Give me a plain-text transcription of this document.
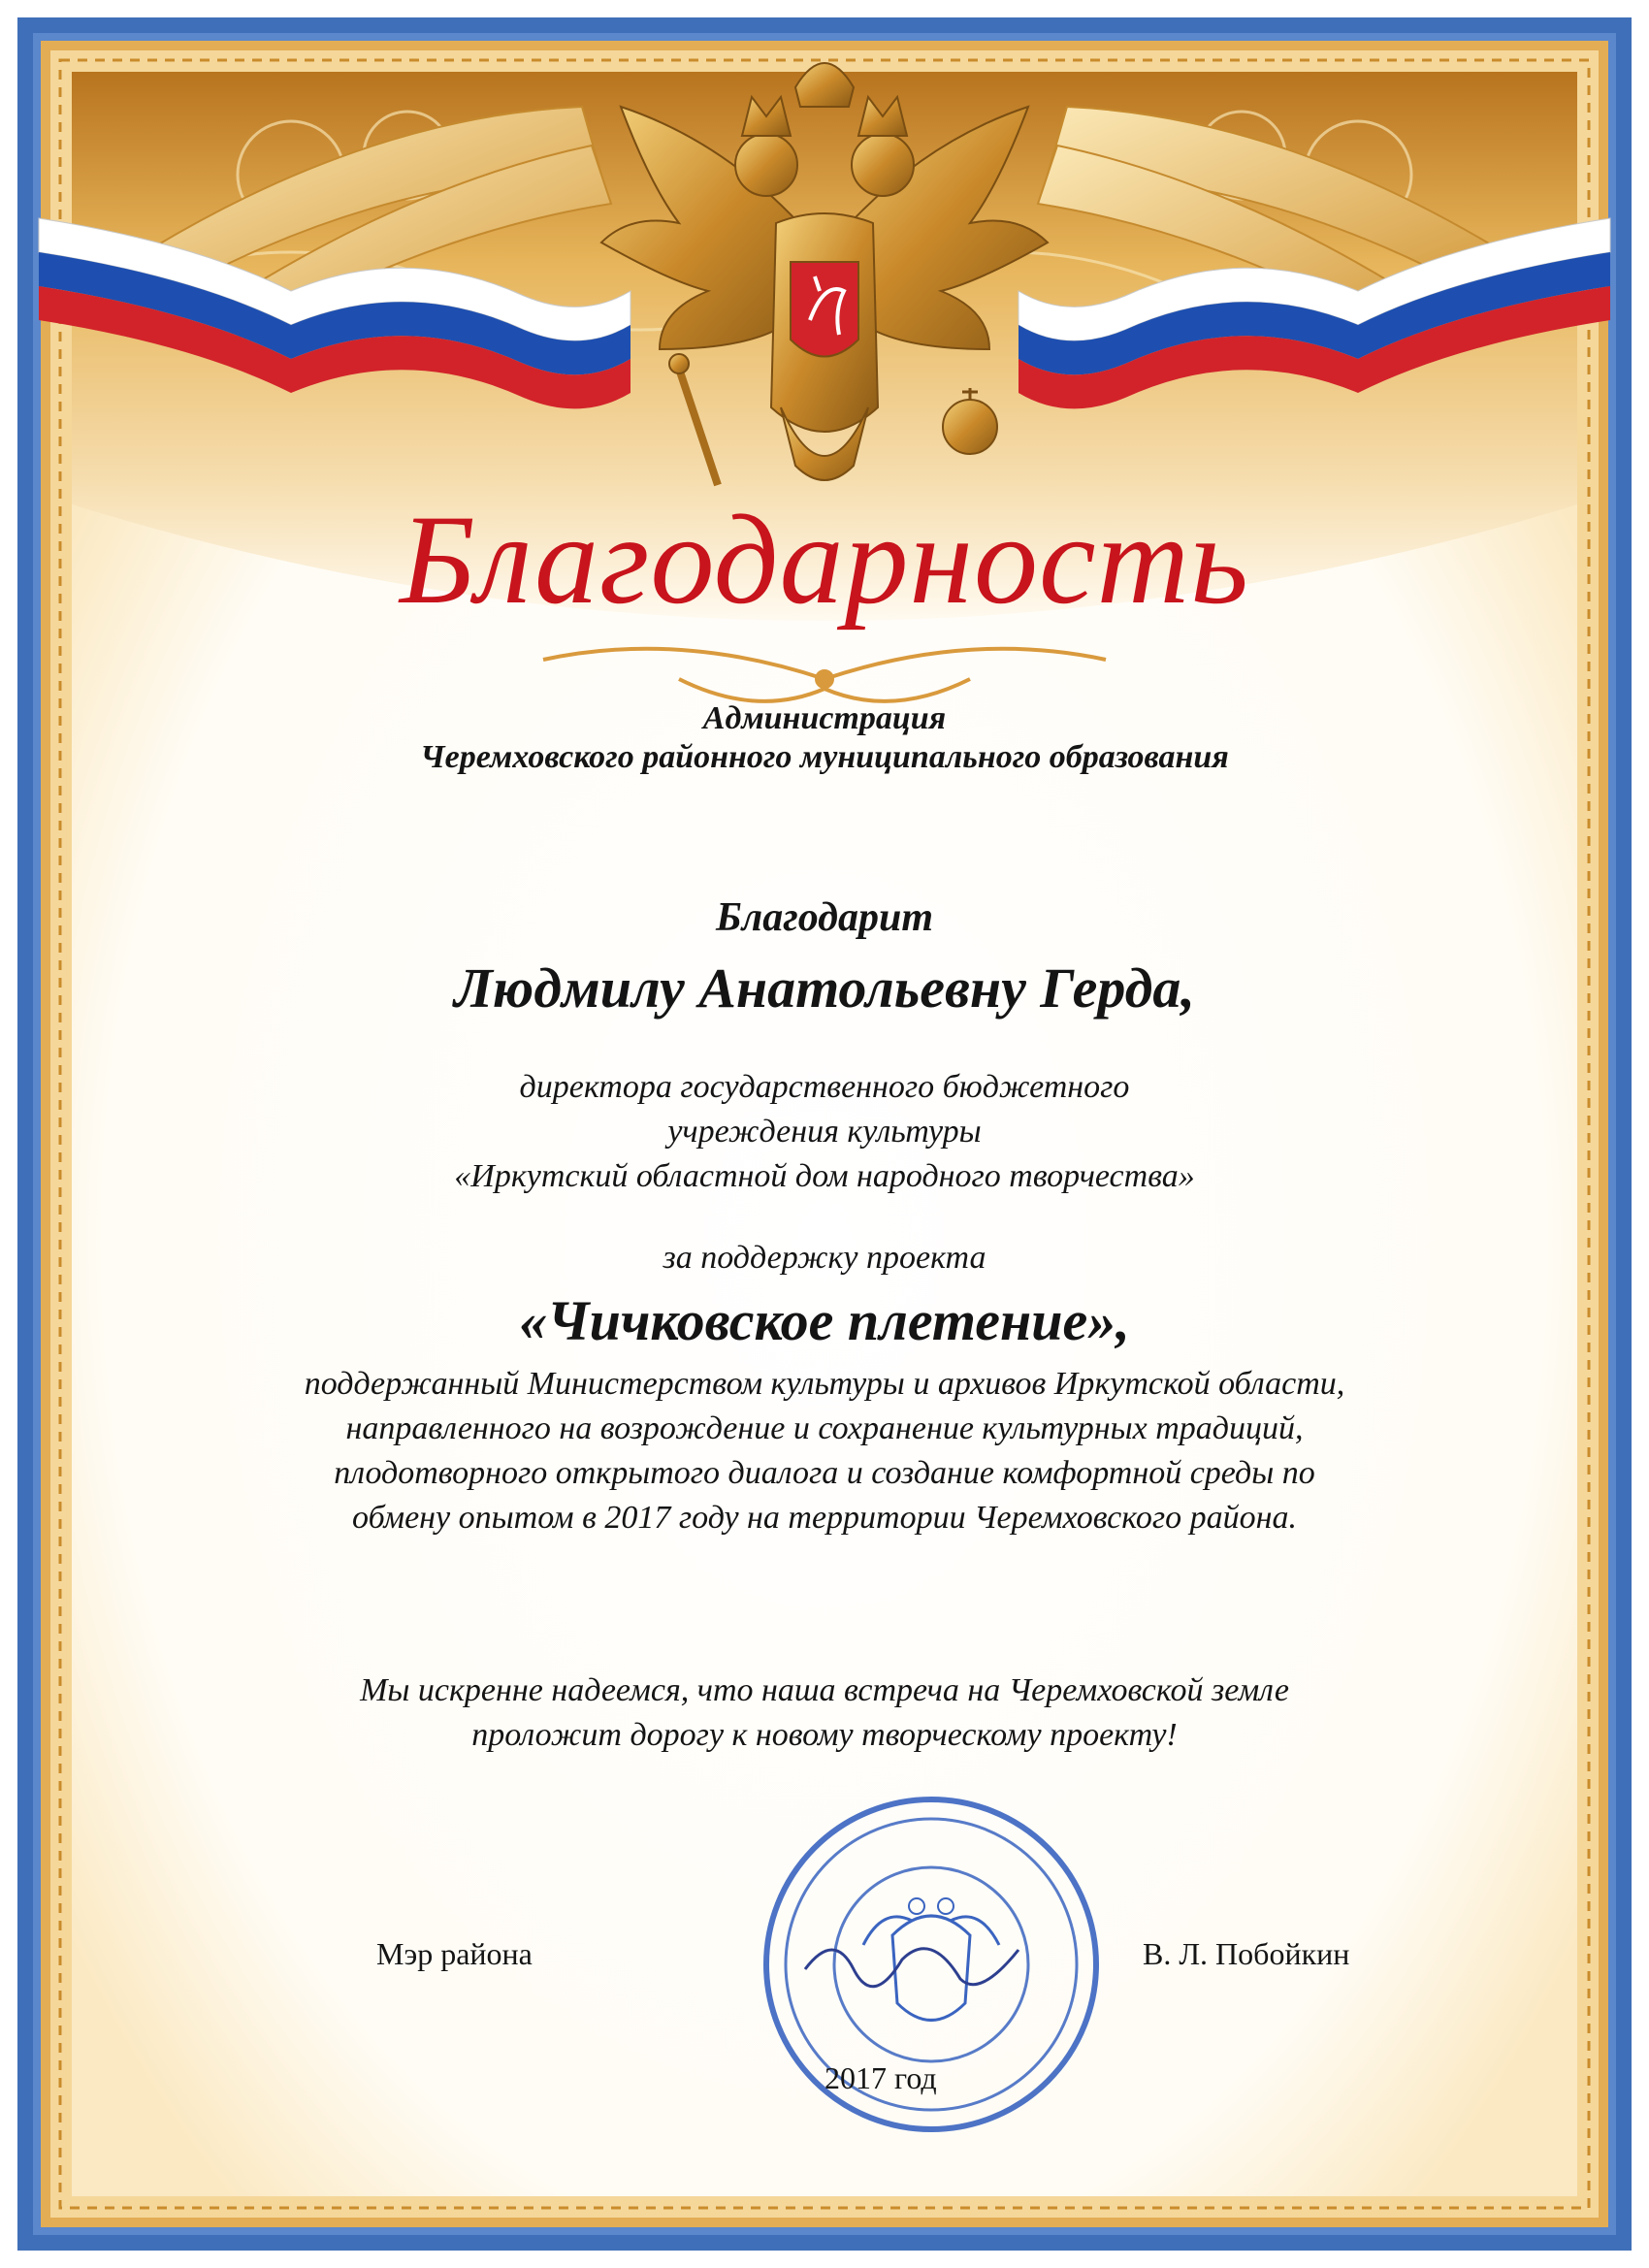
Благодарность
Администрация
Черемховского районного муниципального образования
Благодарит
Людмилу Анатольевну Герда,
директора государственного бюджетного
учреждения культуры
«Иркутский областной дом народного творчества»
за поддержку проекта
«Чичковское плетение»,
поддержанный Министерством культуры и архивов Иркутской области,
направленного на возрождение и сохранение культурных традиций,
плодотворного открытого диалога и создание комфортной среды по
обмену опытом в 2017 году на территории Черемховского района.
Мы искренне надеемся, что наша встреча на Черемховской земле
проложит дорогу к новому творческому проекту!
Мэр района	В. Л. Побойкин
2017 год
